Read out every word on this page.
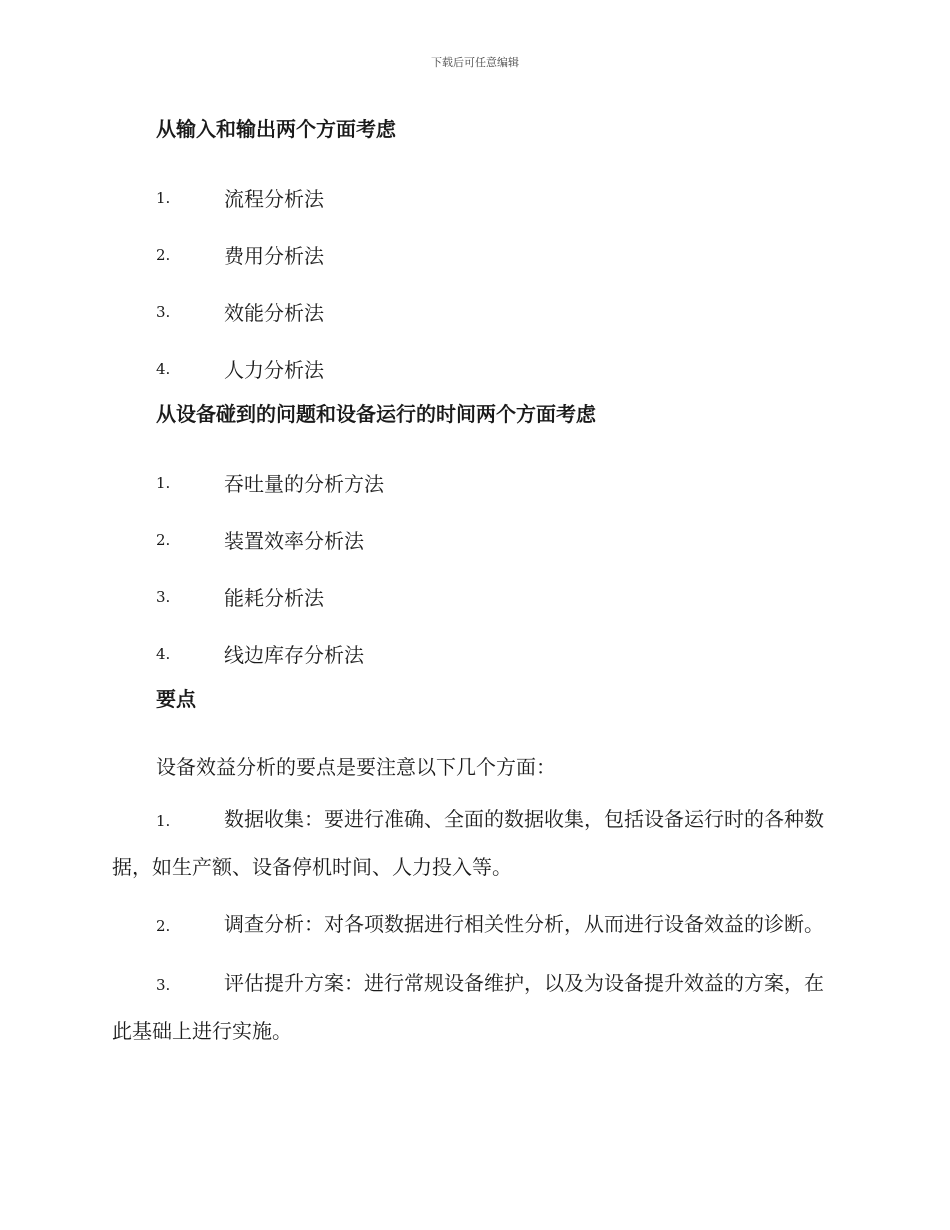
下载后可任意编辑
从输入和输出两个方面考虑
1.	流程分析法
2.	费用分析法
3.	效能分析法
4.	人力分析法
从设备碰到的问题和设备运行的时间两个方面考虑
1.	吞吐量的分析方法
2.	装置效率分析法
3.	能耗分析法
4.	线边库存分析法
要点
设备效益分析的要点是要注意以下几个方面：

1.	数据收集：要进行准确、全面的数据收集，包括设备运行时的各种数据，如生产额、设备停机时间、人力投入等。

2.	调查分析：对各项数据进行相关性分析，从而进行设备效益的诊断。

3.	评估提升方案：进行常规设备维护，以及为设备提升效益的方案，在此基础上进行实施。
